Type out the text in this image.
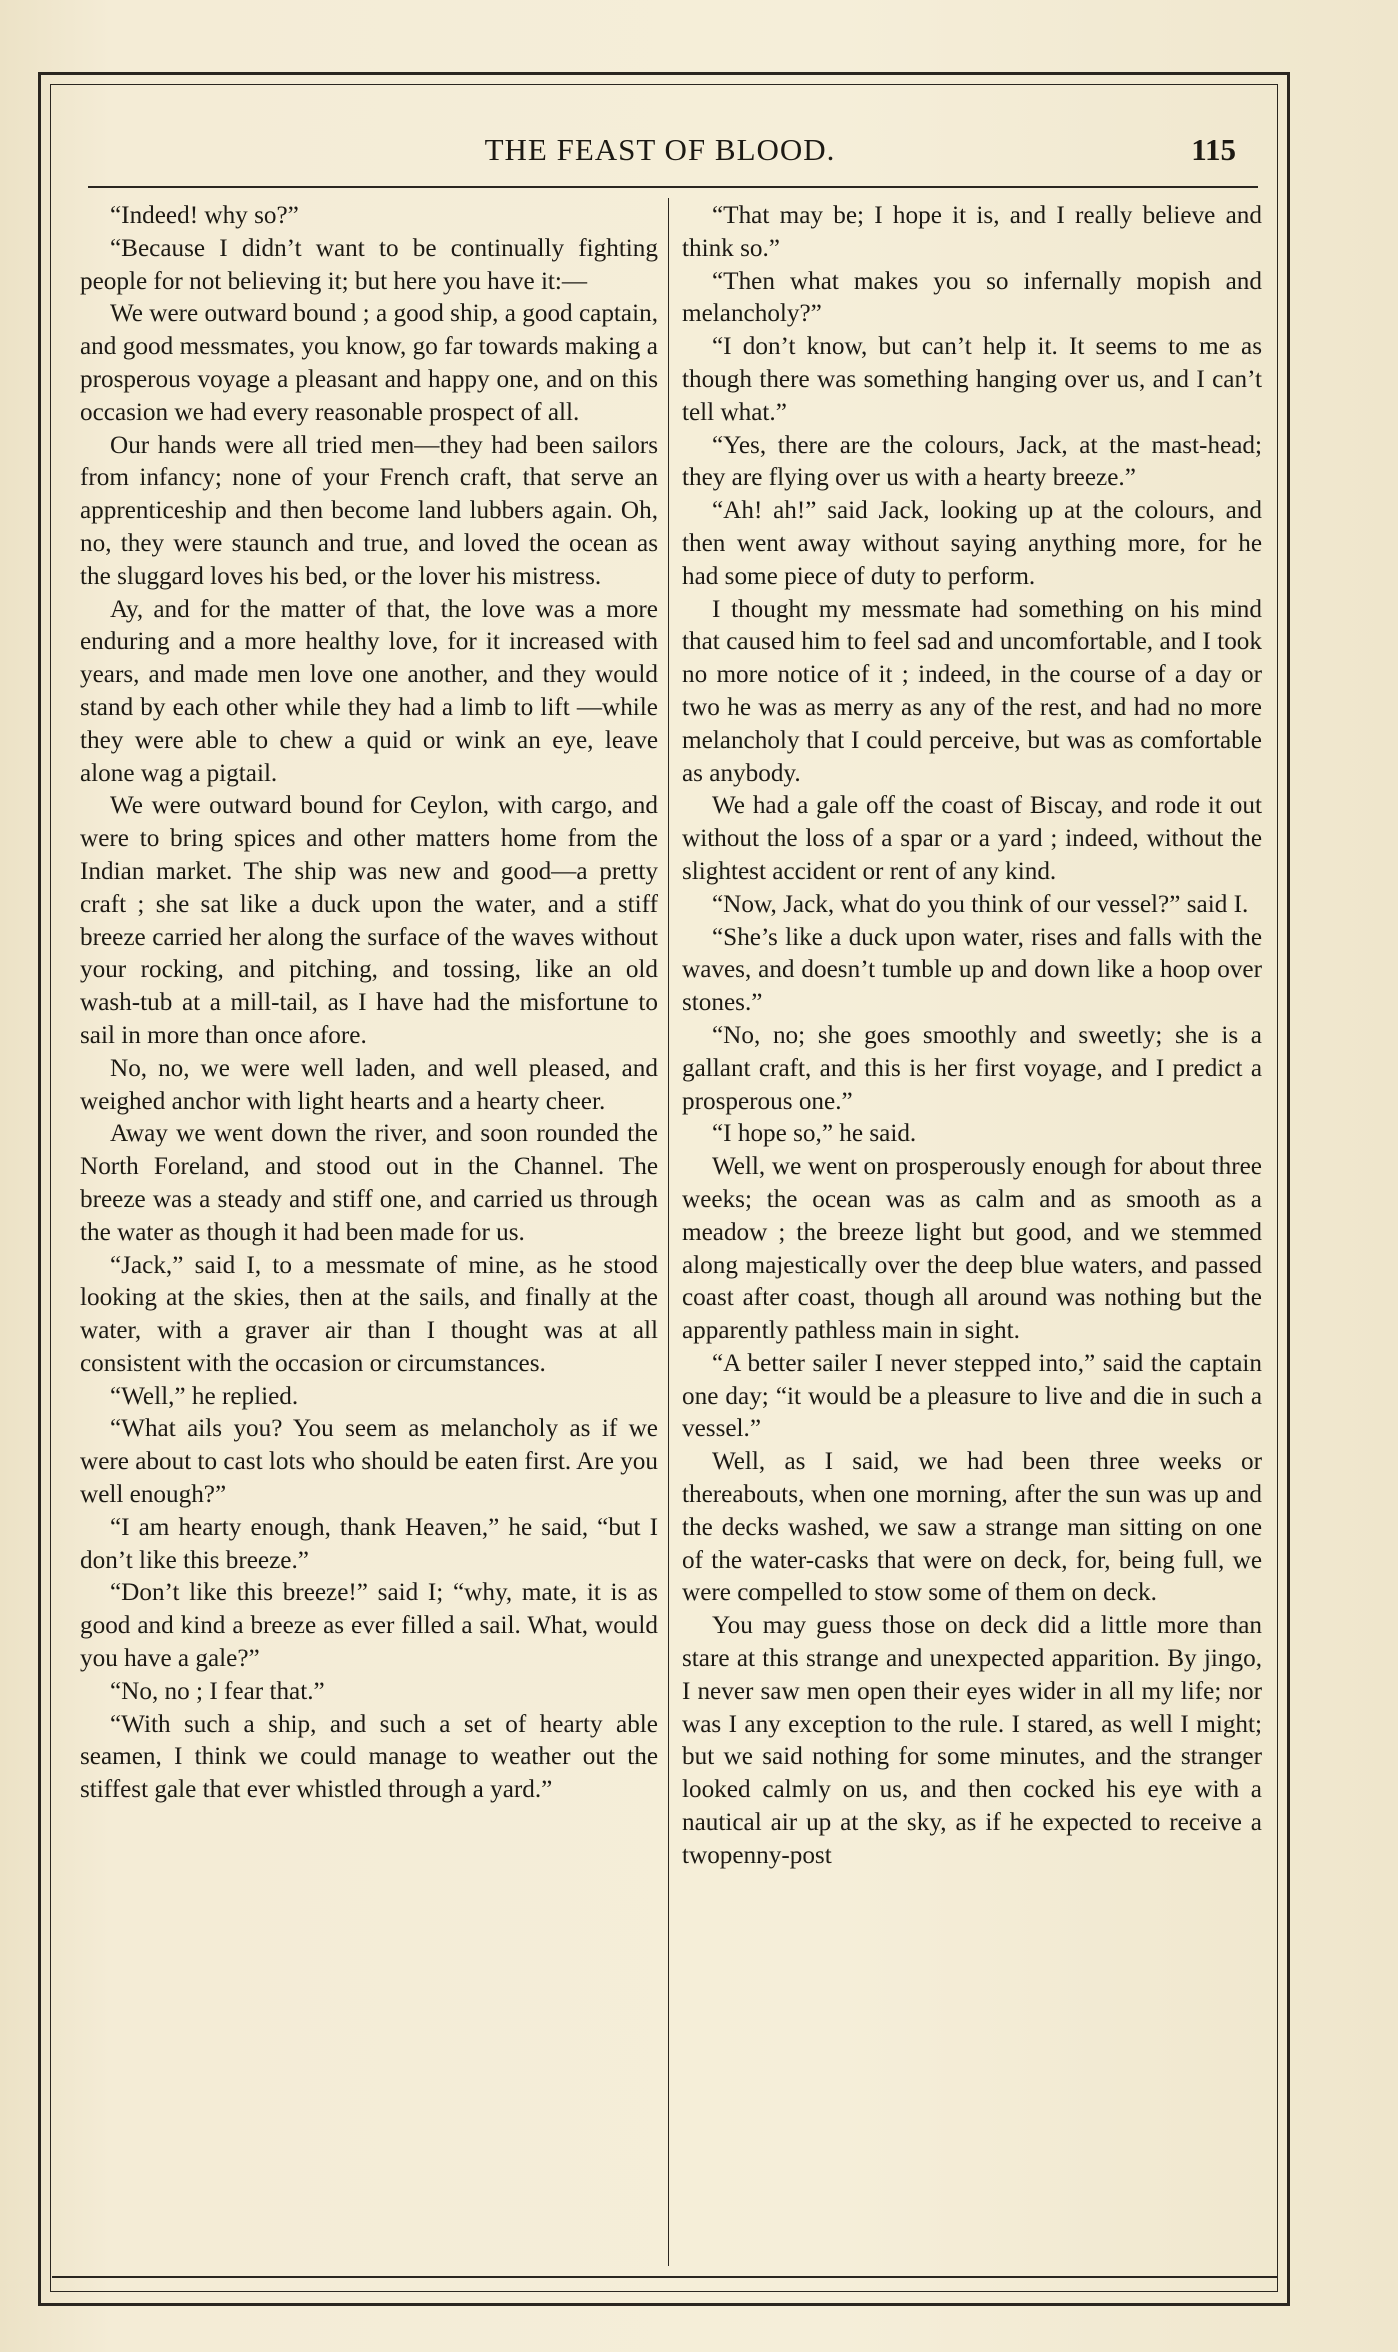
THE FEAST OF BLOOD.	115

“Indeed! why so?”

“Because I didn’t want to be continually fighting people for not believing it; but here you have it:—

We were outward bound ; a good ship, a good captain, and good messmates, you know, go far towards making a prosperous voyage a pleasant and happy one, and on this occasion we had every reasonable prospect of all.

Our hands were all tried men—they had been sailors from infancy; none of your French craft, that serve an apprenticeship and then become land lubbers again. Oh, no, they were staunch and true, and loved the ocean as the sluggard loves his bed, or the lover his mistress.

Ay, and for the matter of that, the love was a more enduring and a more healthy love, for it increased with years, and made men love one another, and they would stand by each other while they had a limb to lift —while they were able to chew a quid or wink an eye, leave alone wag a pigtail.

We were outward bound for Ceylon, with cargo, and were to bring spices and other matters home from the Indian market. The ship was new and good—a pretty craft ; she sat like a duck upon the water, and a stiff breeze carried her along the surface of the waves without your rocking, and pitching, and tossing, like an old wash-tub at a mill-tail, as I have had the misfortune to sail in more than once afore.

No, no, we were well laden, and well pleased, and weighed anchor with light hearts and a hearty cheer.

Away we went down the river, and soon rounded the North Foreland, and stood out in the Channel. The breeze was a steady and stiff one, and carried us through the water as though it had been made for us.

“Jack,” said I, to a messmate of mine, as he stood looking at the skies, then at the sails, and finally at the water, with a graver air than I thought was at all consistent with the occasion or circumstances.

“Well,” he replied.

“What ails you? You seem as melancholy as if we were about to cast lots who should be eaten first. Are you well enough?”

“I am hearty enough, thank Heaven,” he said, “but I don’t like this breeze.”

“Don’t like this breeze!” said I; “why, mate, it is as good and kind a breeze as ever filled a sail. What, would you have a gale?”

“No, no ; I fear that.”

“With such a ship, and such a set of hearty able seamen, I think we could manage to weather out the stiffest gale that ever whistled through a yard.”

“That may be; I hope it is, and I really believe and think so.”

“Then what makes you so infernally mopish and melancholy?”

“I don’t know, but can’t help it. It seems to me as though there was something hanging over us, and I can’t tell what.”

“Yes, there are the colours, Jack, at the mast-head; they are flying over us with a hearty breeze.”

“Ah! ah!” said Jack, looking up at the colours, and then went away without saying anything more, for he had some piece of duty to perform.

I thought my messmate had something on his mind that caused him to feel sad and uncomfortable, and I took no more notice of it ; indeed, in the course of a day or two he was as merry as any of the rest, and had no more melancholy that I could perceive, but was as comfortable as anybody.

We had a gale off the coast of Biscay, and rode it out without the loss of a spar or a yard ; indeed, without the slightest accident or rent of any kind.

“Now, Jack, what do you think of our vessel?” said I.

“She’s like a duck upon water, rises and falls with the waves, and doesn’t tumble up and down like a hoop over stones.”

“No, no; she goes smoothly and sweetly; she is a gallant craft, and this is her first voyage, and I predict a prosperous one.”

“I hope so,” he said.

Well, we went on prosperously enough for about three weeks; the ocean was as calm and as smooth as a meadow ; the breeze light but good, and we stemmed along majestically over the deep blue waters, and passed coast after coast, though all around was nothing but the apparently pathless main in sight.

“A better sailer I never stepped into,” said the captain one day; “it would be a pleasure to live and die in such a vessel.”

Well, as I said, we had been three weeks or thereabouts, when one morning, after the sun was up and the decks washed, we saw a strange man sitting on one of the water-casks that were on deck, for, being full, we were compelled to stow some of them on deck.

You may guess those on deck did a little more than stare at this strange and unexpected apparition. By jingo, I never saw men open their eyes wider in all my life; nor was I any exception to the rule. I stared, as well I might; but we said nothing for some minutes, and the stranger looked calmly on us, and then cocked his eye with a nautical air up at the sky, as if he expected to receive a twopenny-post
